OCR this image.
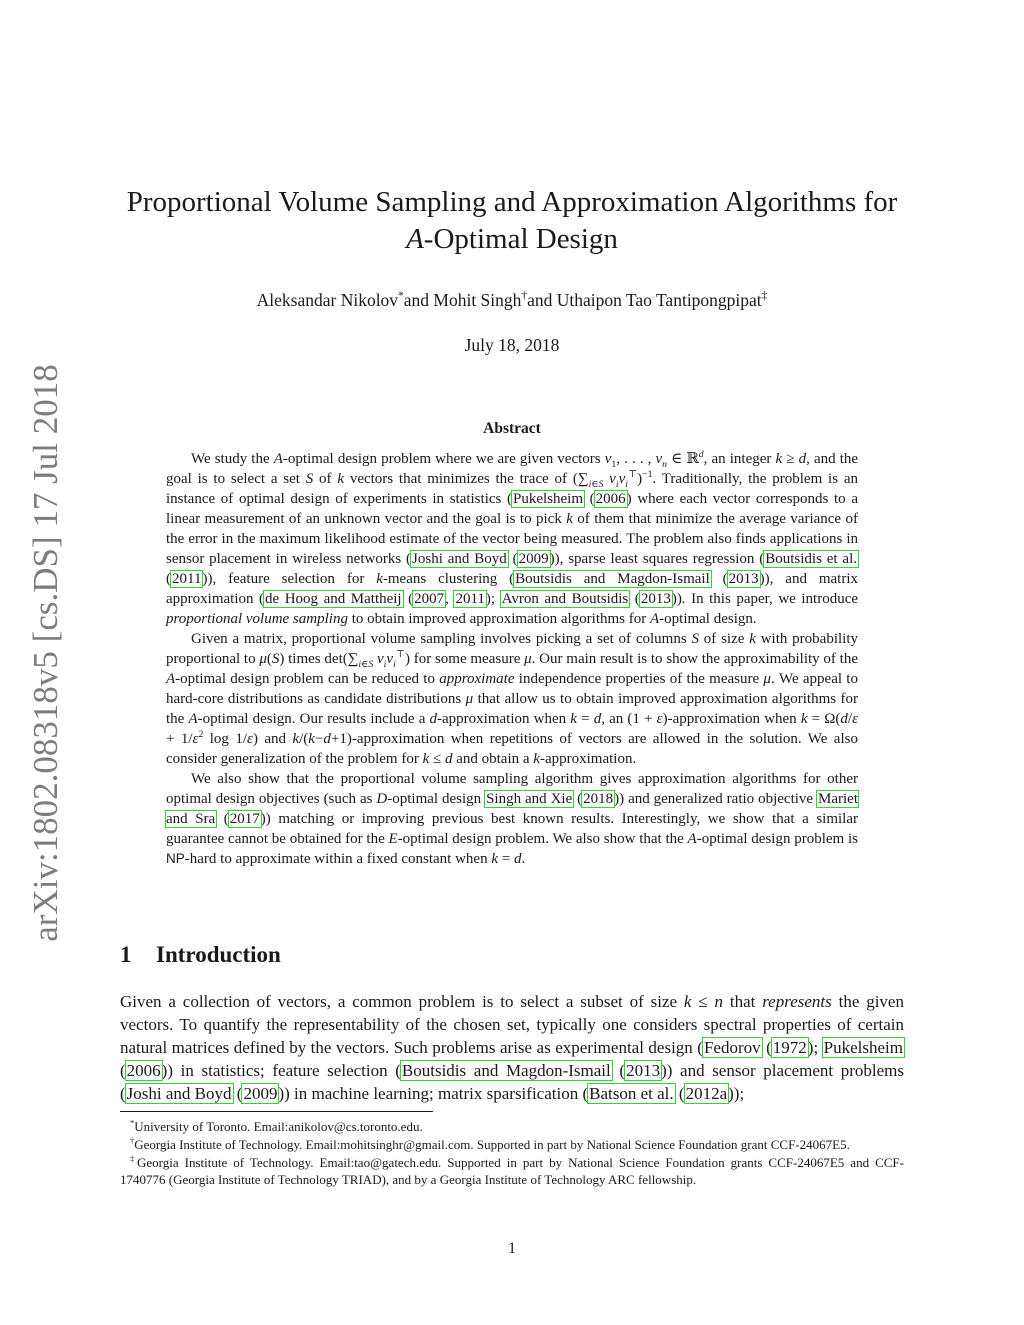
arXiv:1802.08318v5 [cs.DS] 17 Jul 2018
Proportional Volume Sampling and Approximation Algorithms for
A-Optimal Design
Aleksandar Nikolov*and Mohit Singh†and Uthaipon Tao Tantipongpipat‡
July 18, 2018
Abstract

We study the A-optimal design problem where we are given vectors $v_1$, . . . , $v_n$ ∈ ℝ$^d$, an integer k ≥ d, and the goal is to select a set S of k vectors that minimizes the trace of ($\sum_{i\in S}$ $v_iv_i^⊤)^{-1}$. Traditionally, the problem is an instance of optimal design of experiments in statistics (Pukelsheim (2006) where each vector corresponds to a linear measurement of an unknown vector and the goal is to pick k of them that minimize the average variance of the error in the maximum likelihood estimate of the vector being measured. The problem also finds applications in sensor placement in wireless networks (Joshi and Boyd (2009)), sparse least squares regression (Boutsidis et al. (2011)), feature selection for k-means clustering (Boutsidis and Magdon-Ismail (2013)), and matrix approximation (de Hoog and Mattheij (2007, 2011); Avron and Boutsidis (2013)). In this paper, we introduce proportional volume sampling to obtain improved approximation algorithms for A-optimal design.

Given a matrix, proportional volume sampling involves picking a set of columns S of size k with probability proportional to μ(S) times $\det(\sum_{i\in S}$ $v_iv_i^⊤$) for some measure μ. Our main result is to show the approximability of the A-optimal design problem can be reduced to approximate independence properties of the measure μ. We appeal to hard-core distributions as candidate distributions μ that allow us to obtain improved approximation algorithms for the A-optimal design. Our results include a d-approximation when k = d, an (1 + ε)-approximation when $k = \Omega(d/\varepsilon + 1/\varepsilon^2$ log 1/ε) and k/(k−d+1)-approximation when repetitions of vectors are allowed in the solution. We also consider generalization of the problem for k ≤ d and obtain a k-approximation.

We also show that the proportional volume sampling algorithm gives approximation algorithms for other optimal design objectives (such as D-optimal design Singh and Xie (2018)) and generalized ratio objective Mariet and Sra (2017)) matching or improving previous best known results. Interestingly, we show that a similar guarantee cannot be obtained for the E-optimal design problem. We also show that the A-optimal design problem is NP-hard to approximate within a fixed constant when k = d.

1 Introduction

Given a collection of vectors, a common problem is to select a subset of size k ≤ n that represents the given vectors. To quantify the representability of the chosen set, typically one considers spectral properties of certain natural matrices defined by the vectors. Such problems arise as experimental design (Fedorov (1972); Pukelsheim (2006)) in statistics; feature selection (Boutsidis and Magdon-Ismail (2013)) and sensor placement problems (Joshi and Boyd (2009)) in machine learning; matrix sparsification (Batson et al. (2012a));

*University of Toronto. Email:anikolov@cs.toronto.edu.

†Georgia Institute of Technology. Email:mohitsinghr@gmail.com. Supported in part by National Science Foundation grant CCF-24067E5.

‡Georgia Institute of Technology. Email:tao@gatech.edu. Supported in part by National Science Foundation grants CCF-24067E5 and CCF-1740776 (Georgia Institute of Technology TRIAD), and by a Georgia Institute of Technology ARC fellowship.

1
